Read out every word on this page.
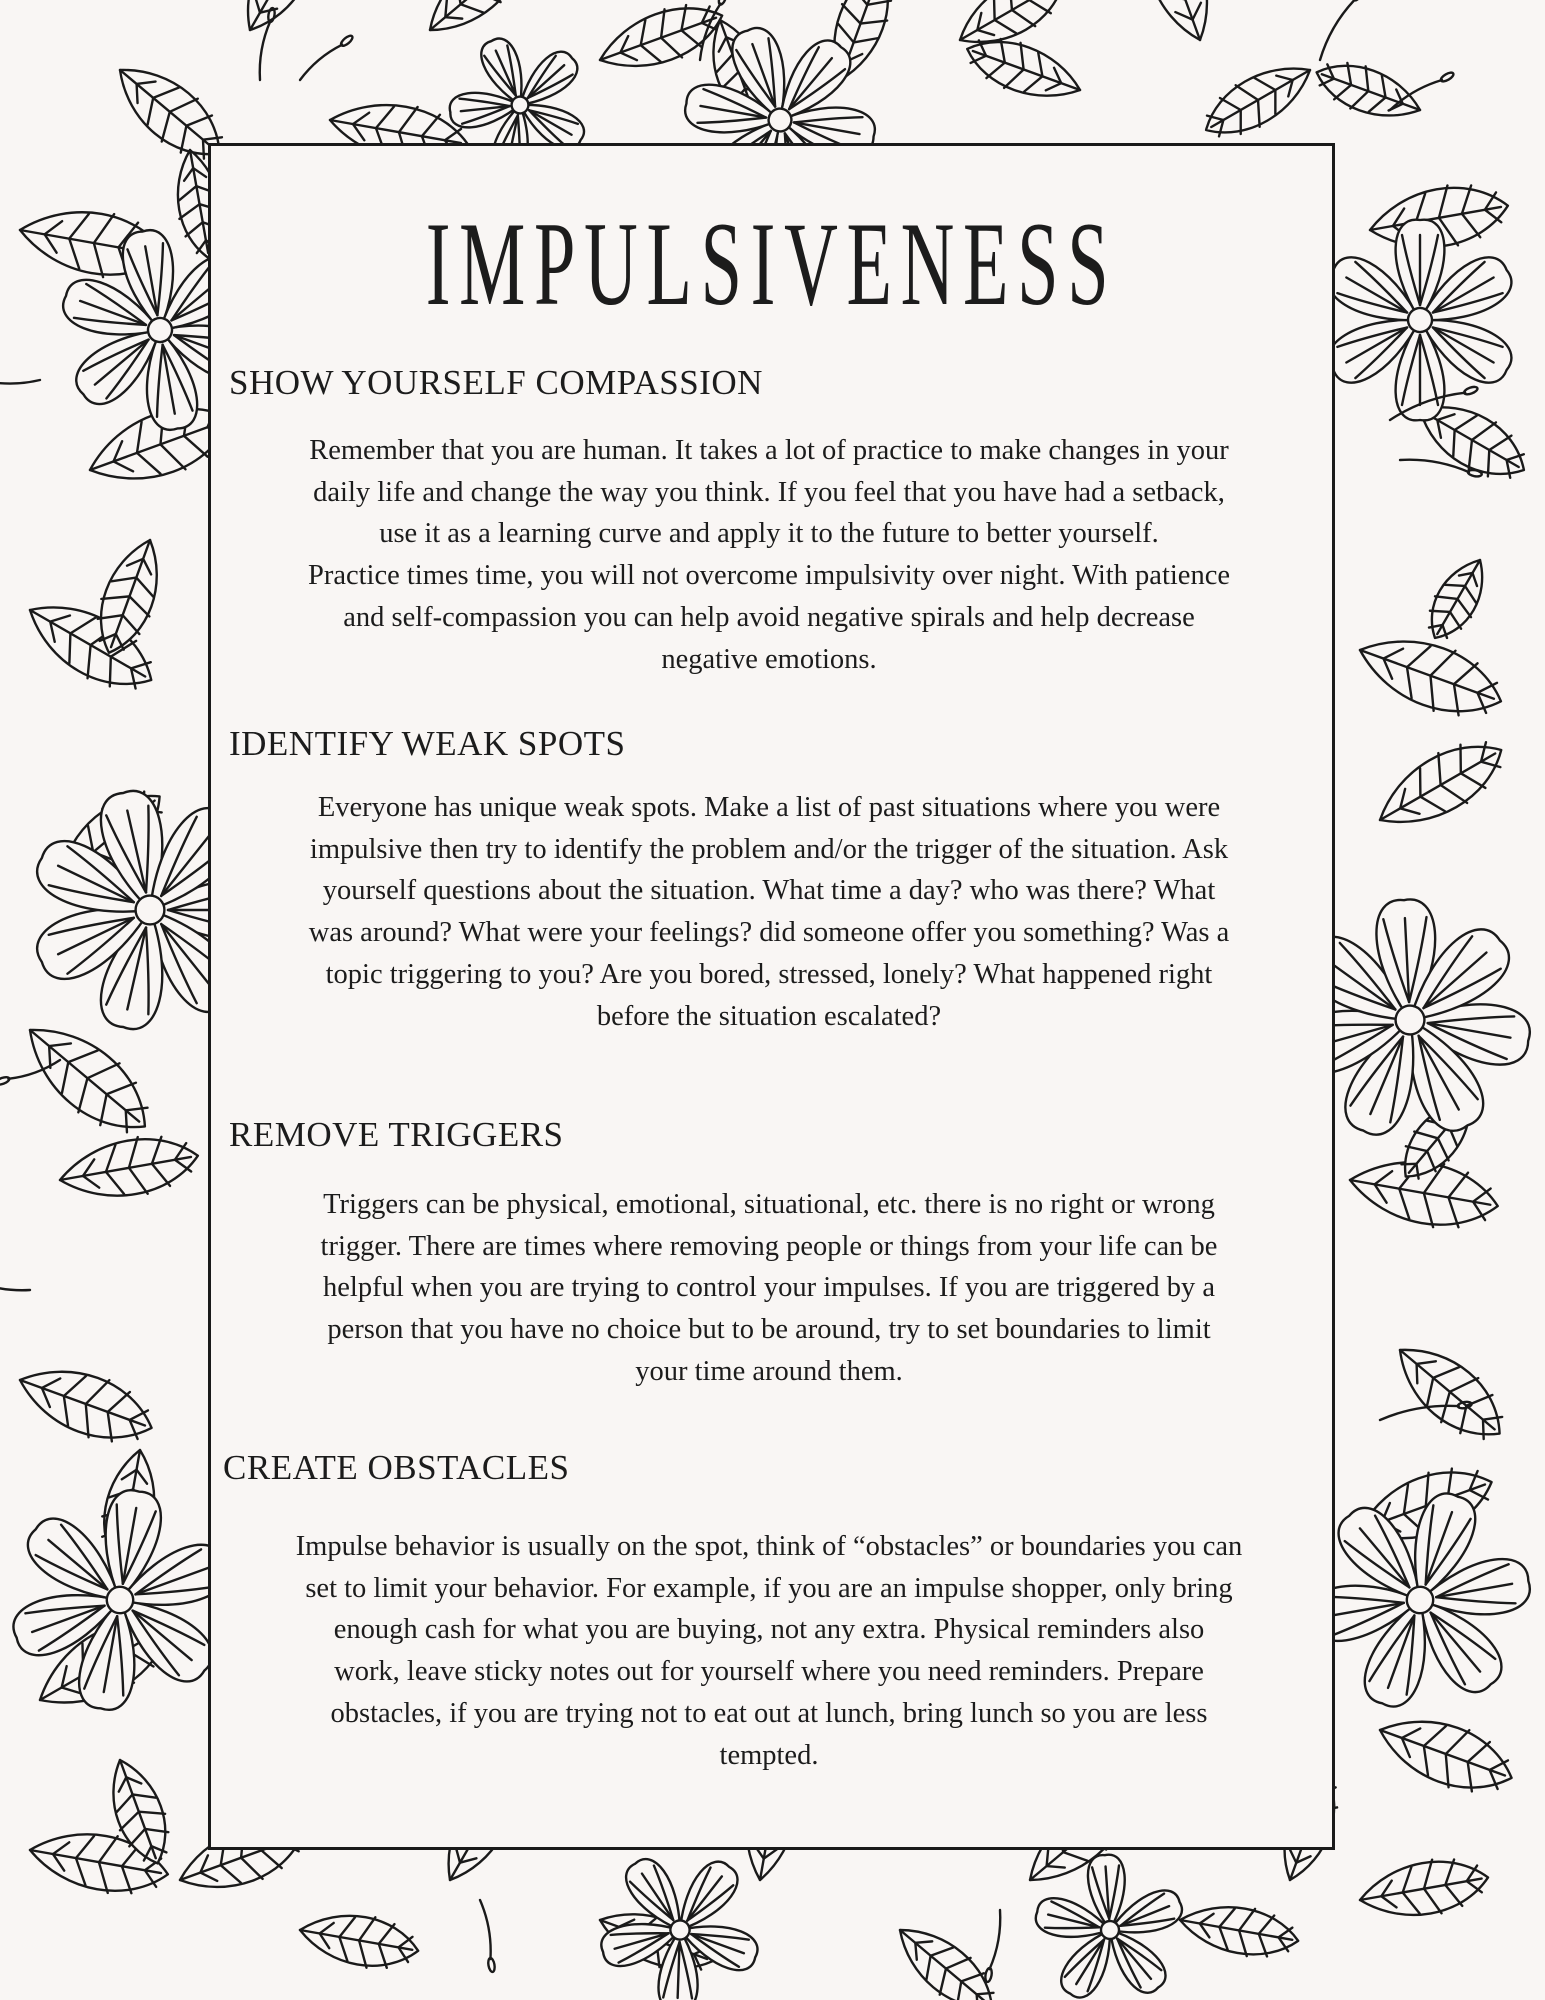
IMPULSIVENESS
SHOW YOURSELF COMPASSION

Remember that you are human. It takes a lot of practice to make changes in your
daily life and change the way you think. If you feel that you have had a setback,
use it as a learning curve and apply it to the future to better yourself.
Practice times time, you will not overcome impulsivity over night. With patience
and self-compassion you can help avoid negative spirals and help decrease
negative emotions.

IDENTIFY WEAK SPOTS

Everyone has unique weak spots. Make a list of past situations where you were
impulsive then try to identify the problem and/or the trigger of the situation. Ask
yourself questions about the situation. What time a day? who was there? What
was around? What were your feelings? did someone offer you something? Was a
topic triggering to you? Are you bored, stressed, lonely? What happened right
before the situation escalated?

REMOVE TRIGGERS

Triggers can be physical, emotional, situational, etc. there is no right or wrong
trigger. There are times where removing people or things from your life can be
helpful when you are trying to control your impulses. If you are triggered by a
person that you have no choice but to be around, try to set boundaries to limit
your time around them.

CREATE OBSTACLES

Impulse behavior is usually on the spot, think of “obstacles” or boundaries you can
set to limit your behavior. For example, if you are an impulse shopper, only bring
enough cash for what you are buying, not any extra. Physical reminders also
work, leave sticky notes out for yourself where you need reminders. Prepare
obstacles, if you are trying not to eat out at lunch, bring lunch so you are less
tempted.
